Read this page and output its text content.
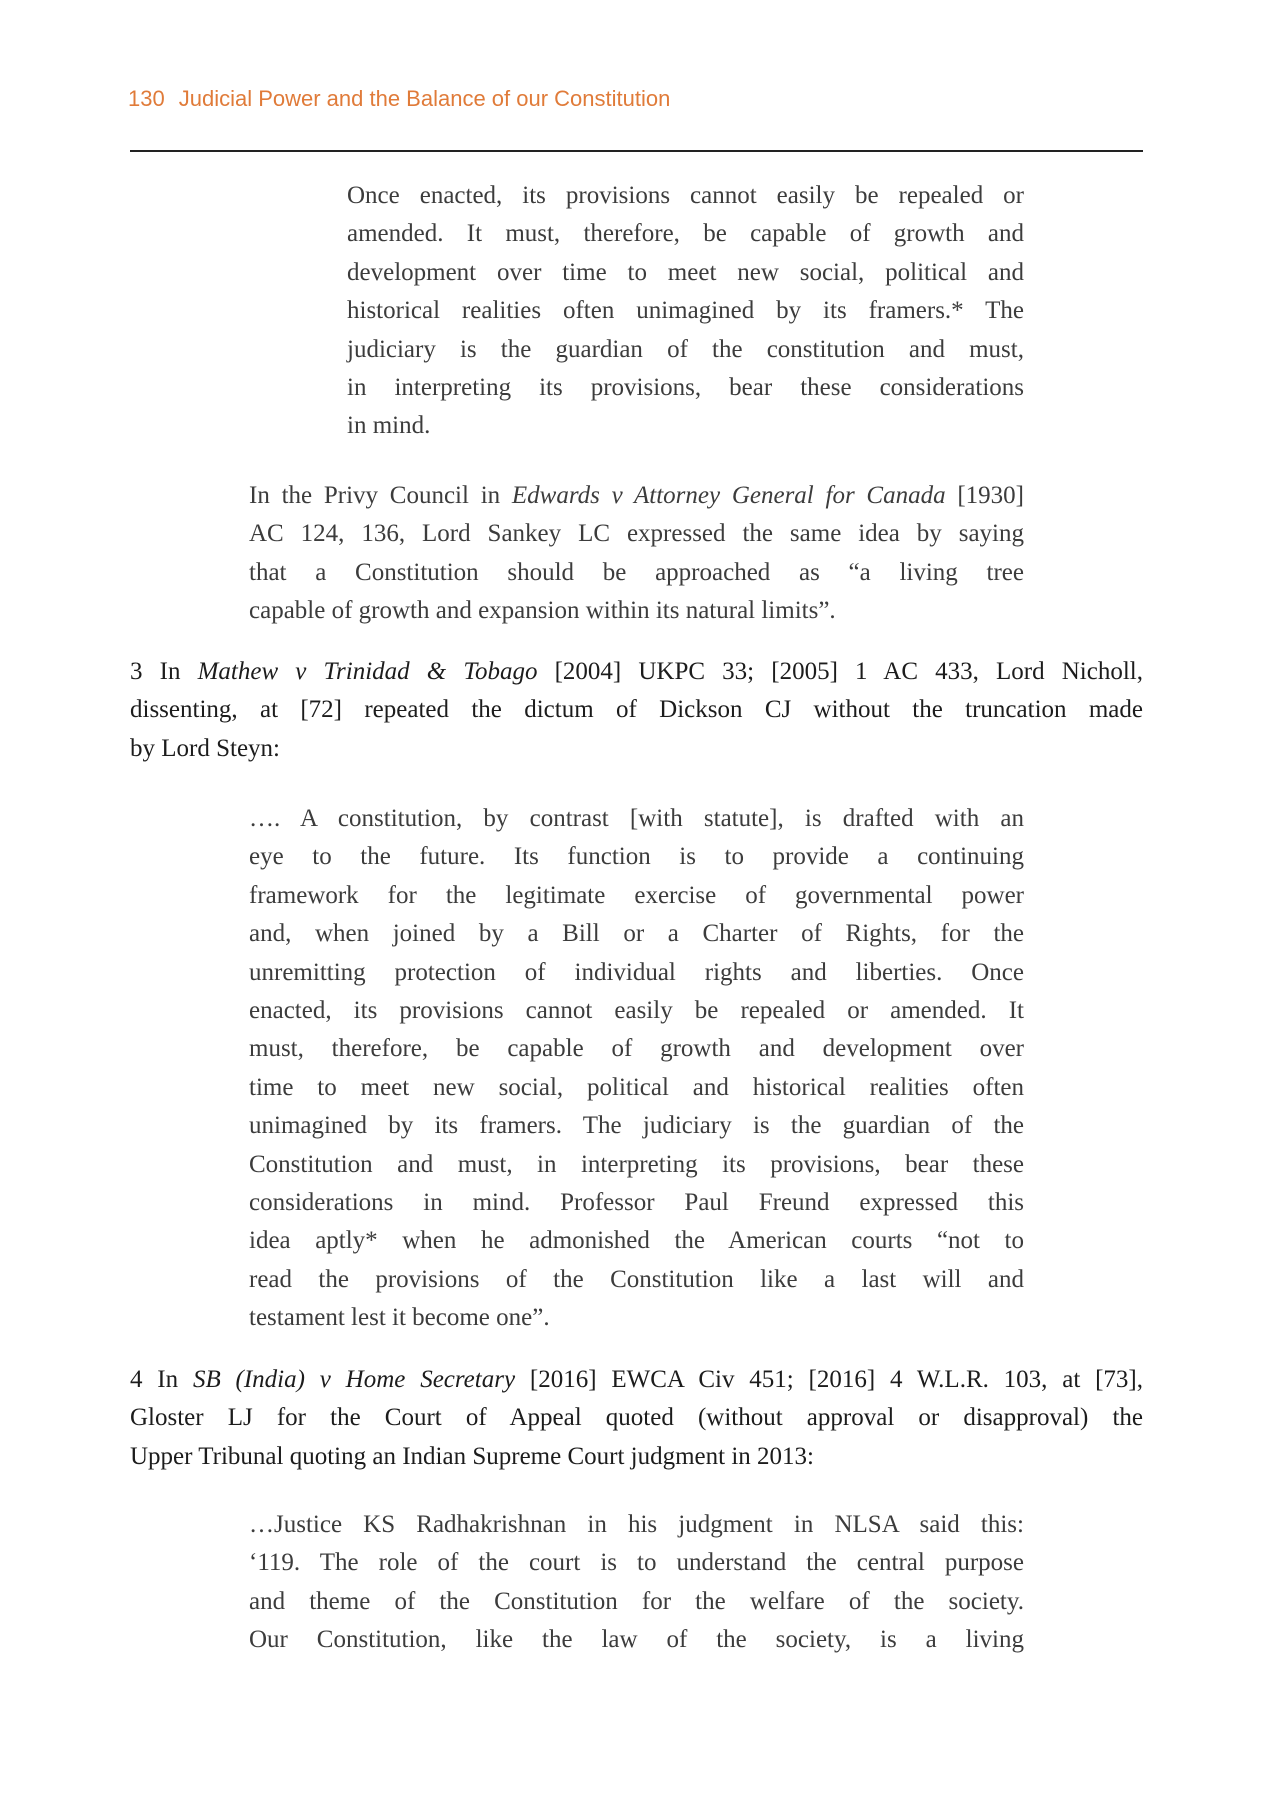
130 Judicial Power and the Balance of our Constitution
Once enacted, its provisions cannot easily be repealed or
amended. It must, therefore, be capable of growth and
development over time to meet new social, political and
historical realities often unimagined by its framers.* The
judiciary is the guardian of the constitution and must,
in interpreting its provisions, bear these considerations
in mind.
In the Privy Council in Edwards v Attorney General for Canada [1930]
AC 124, 136, Lord Sankey LC expressed the same idea by saying
that a Constitution should be approached as “a living tree
capable of growth and expansion within its natural limits”.
3 In Mathew v Trinidad & Tobago [2004] UKPC 33; [2005] 1 AC 433, Lord Nicholl,
dissenting, at [72] repeated the dictum of Dickson CJ without the truncation made
by Lord Steyn:
…. A constitution, by contrast [with statute], is drafted with an
eye to the future. Its function is to provide a continuing
framework for the legitimate exercise of governmental power
and, when joined by a Bill or a Charter of Rights, for the
unremitting protection of individual rights and liberties. Once
enacted, its provisions cannot easily be repealed or amended. It
must, therefore, be capable of growth and development over
time to meet new social, political and historical realities often
unimagined by its framers. The judiciary is the guardian of the
Constitution and must, in interpreting its provisions, bear these
considerations in mind. Professor Paul Freund expressed this
idea aptly* when he admonished the American courts “not to
read the provisions of the Constitution like a last will and
testament lest it become one”.
4 In SB (India) v Home Secretary [2016] EWCA Civ 451; [2016] 4 W.L.R. 103, at [73],
Gloster LJ for the Court of Appeal quoted (without approval or disapproval) the
Upper Tribunal quoting an Indian Supreme Court judgment in 2013:
…Justice KS Radhakrishnan in his judgment in NLSA said this:
‘119. The role of the court is to understand the central purpose
and theme of the Constitution for the welfare of the society.
Our Constitution, like the law of the society, is a living
